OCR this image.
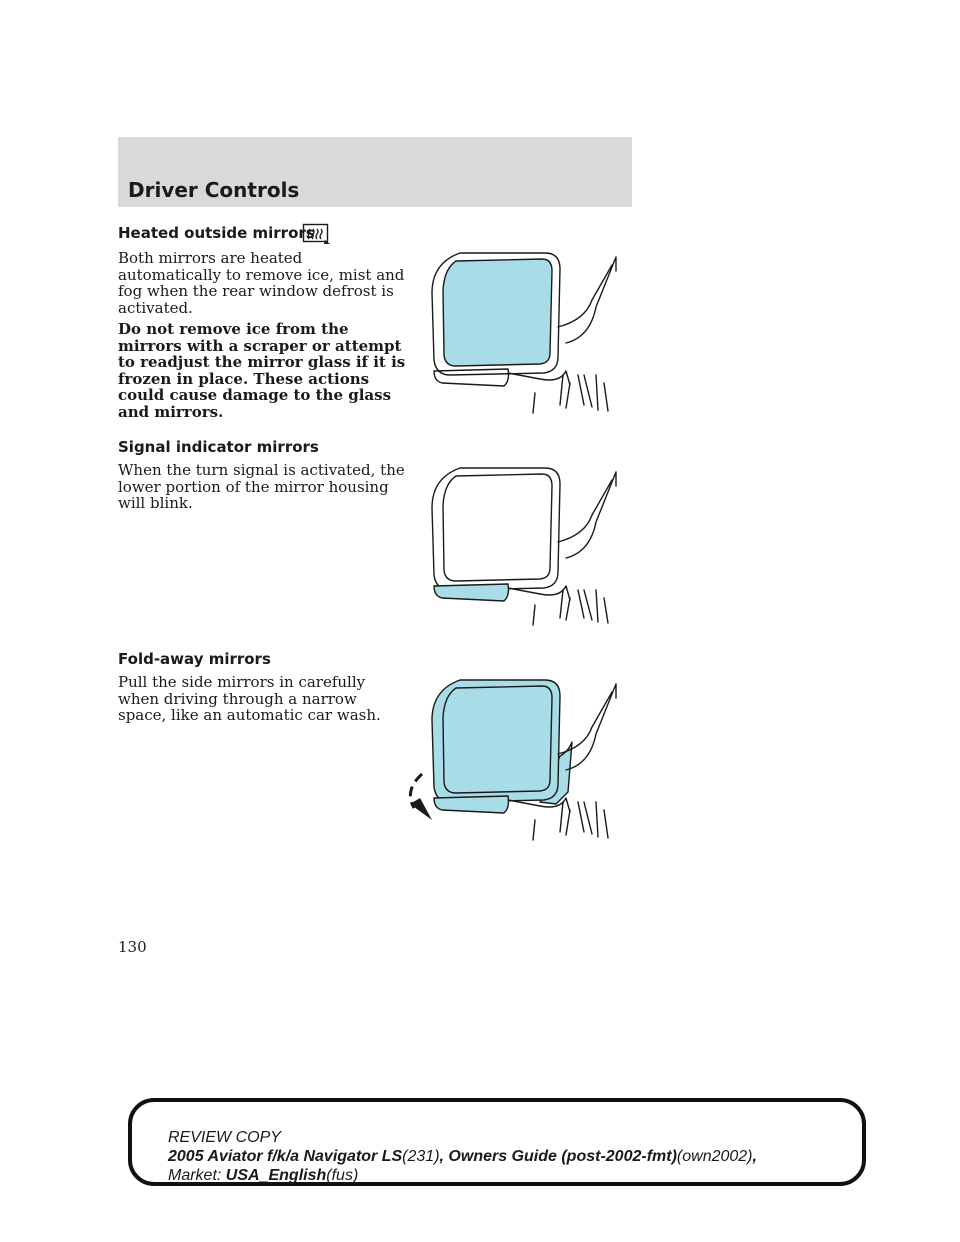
Driver Controls
Heated outside mirrors
Both mirrors are heated automatically to remove ice, mist and fog when the rear window defrost is activated.
Do not remove ice from the mirrors with a scraper or attempt to readjust the mirror glass if it is frozen in place. These actions could cause damage to the glass and mirrors.
Signal indicator mirrors
When the turn signal is activated, the lower portion of the mirror housing will blink.
Fold-away mirrors
Pull the side mirrors in carefully when driving through a narrow space, like an automatic car wash.
130
REVIEW COPY
2005 Aviator f/k/a Navigator LS(231), Owners Guide (post-2002-fmt)(own2002),
Market: USA_English(fus)
